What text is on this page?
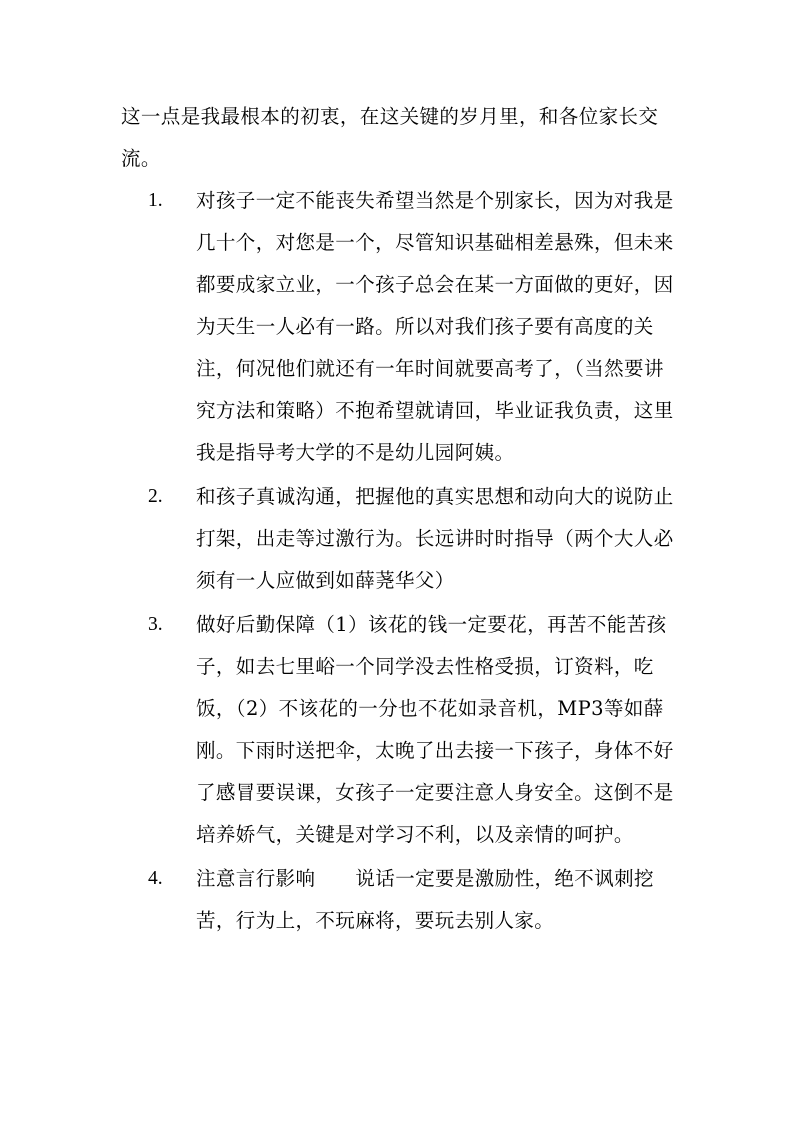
这一点是我最根本的初衷，在这关键的岁月里，和各位家长交流。

1.	对孩子一定不能丧失希望当然是个别家长，因为对我是几十个，对您是一个，尽管知识基础相差悬殊，但未来都要成家立业，一个孩子总会在某一方面做的更好，因为天生一人必有一路。所以对我们孩子要有高度的关注，何况他们就还有一年时间就要高考了，（当然要讲究方法和策略）不抱希望就请回，毕业证我负责，这里我是指导考大学的不是幼儿园阿姨。
2.	和孩子真诚沟通，把握他的真实思想和动向大的说防止打架，出走等过激行为。长远讲时时指导（两个大人必须有一人应做到如薛荛华父）
3.	做好后勤保障（1）该花的钱一定要花，再苦不能苦孩子，如去七里峪一个同学没去性格受损，订资料，吃饭，（2）不该花的一分也不花如录音机，MP3等如薛刚。下雨时送把伞，太晚了出去接一下孩子，身体不好了感冒要误课，女孩子一定要注意人身安全。这倒不是培养娇气，关键是对学习不利，以及亲情的呵护。
4.	注意言行影响 说话一定要是激励性，绝不讽刺挖苦，行为上，不玩麻将，要玩去别人家。
